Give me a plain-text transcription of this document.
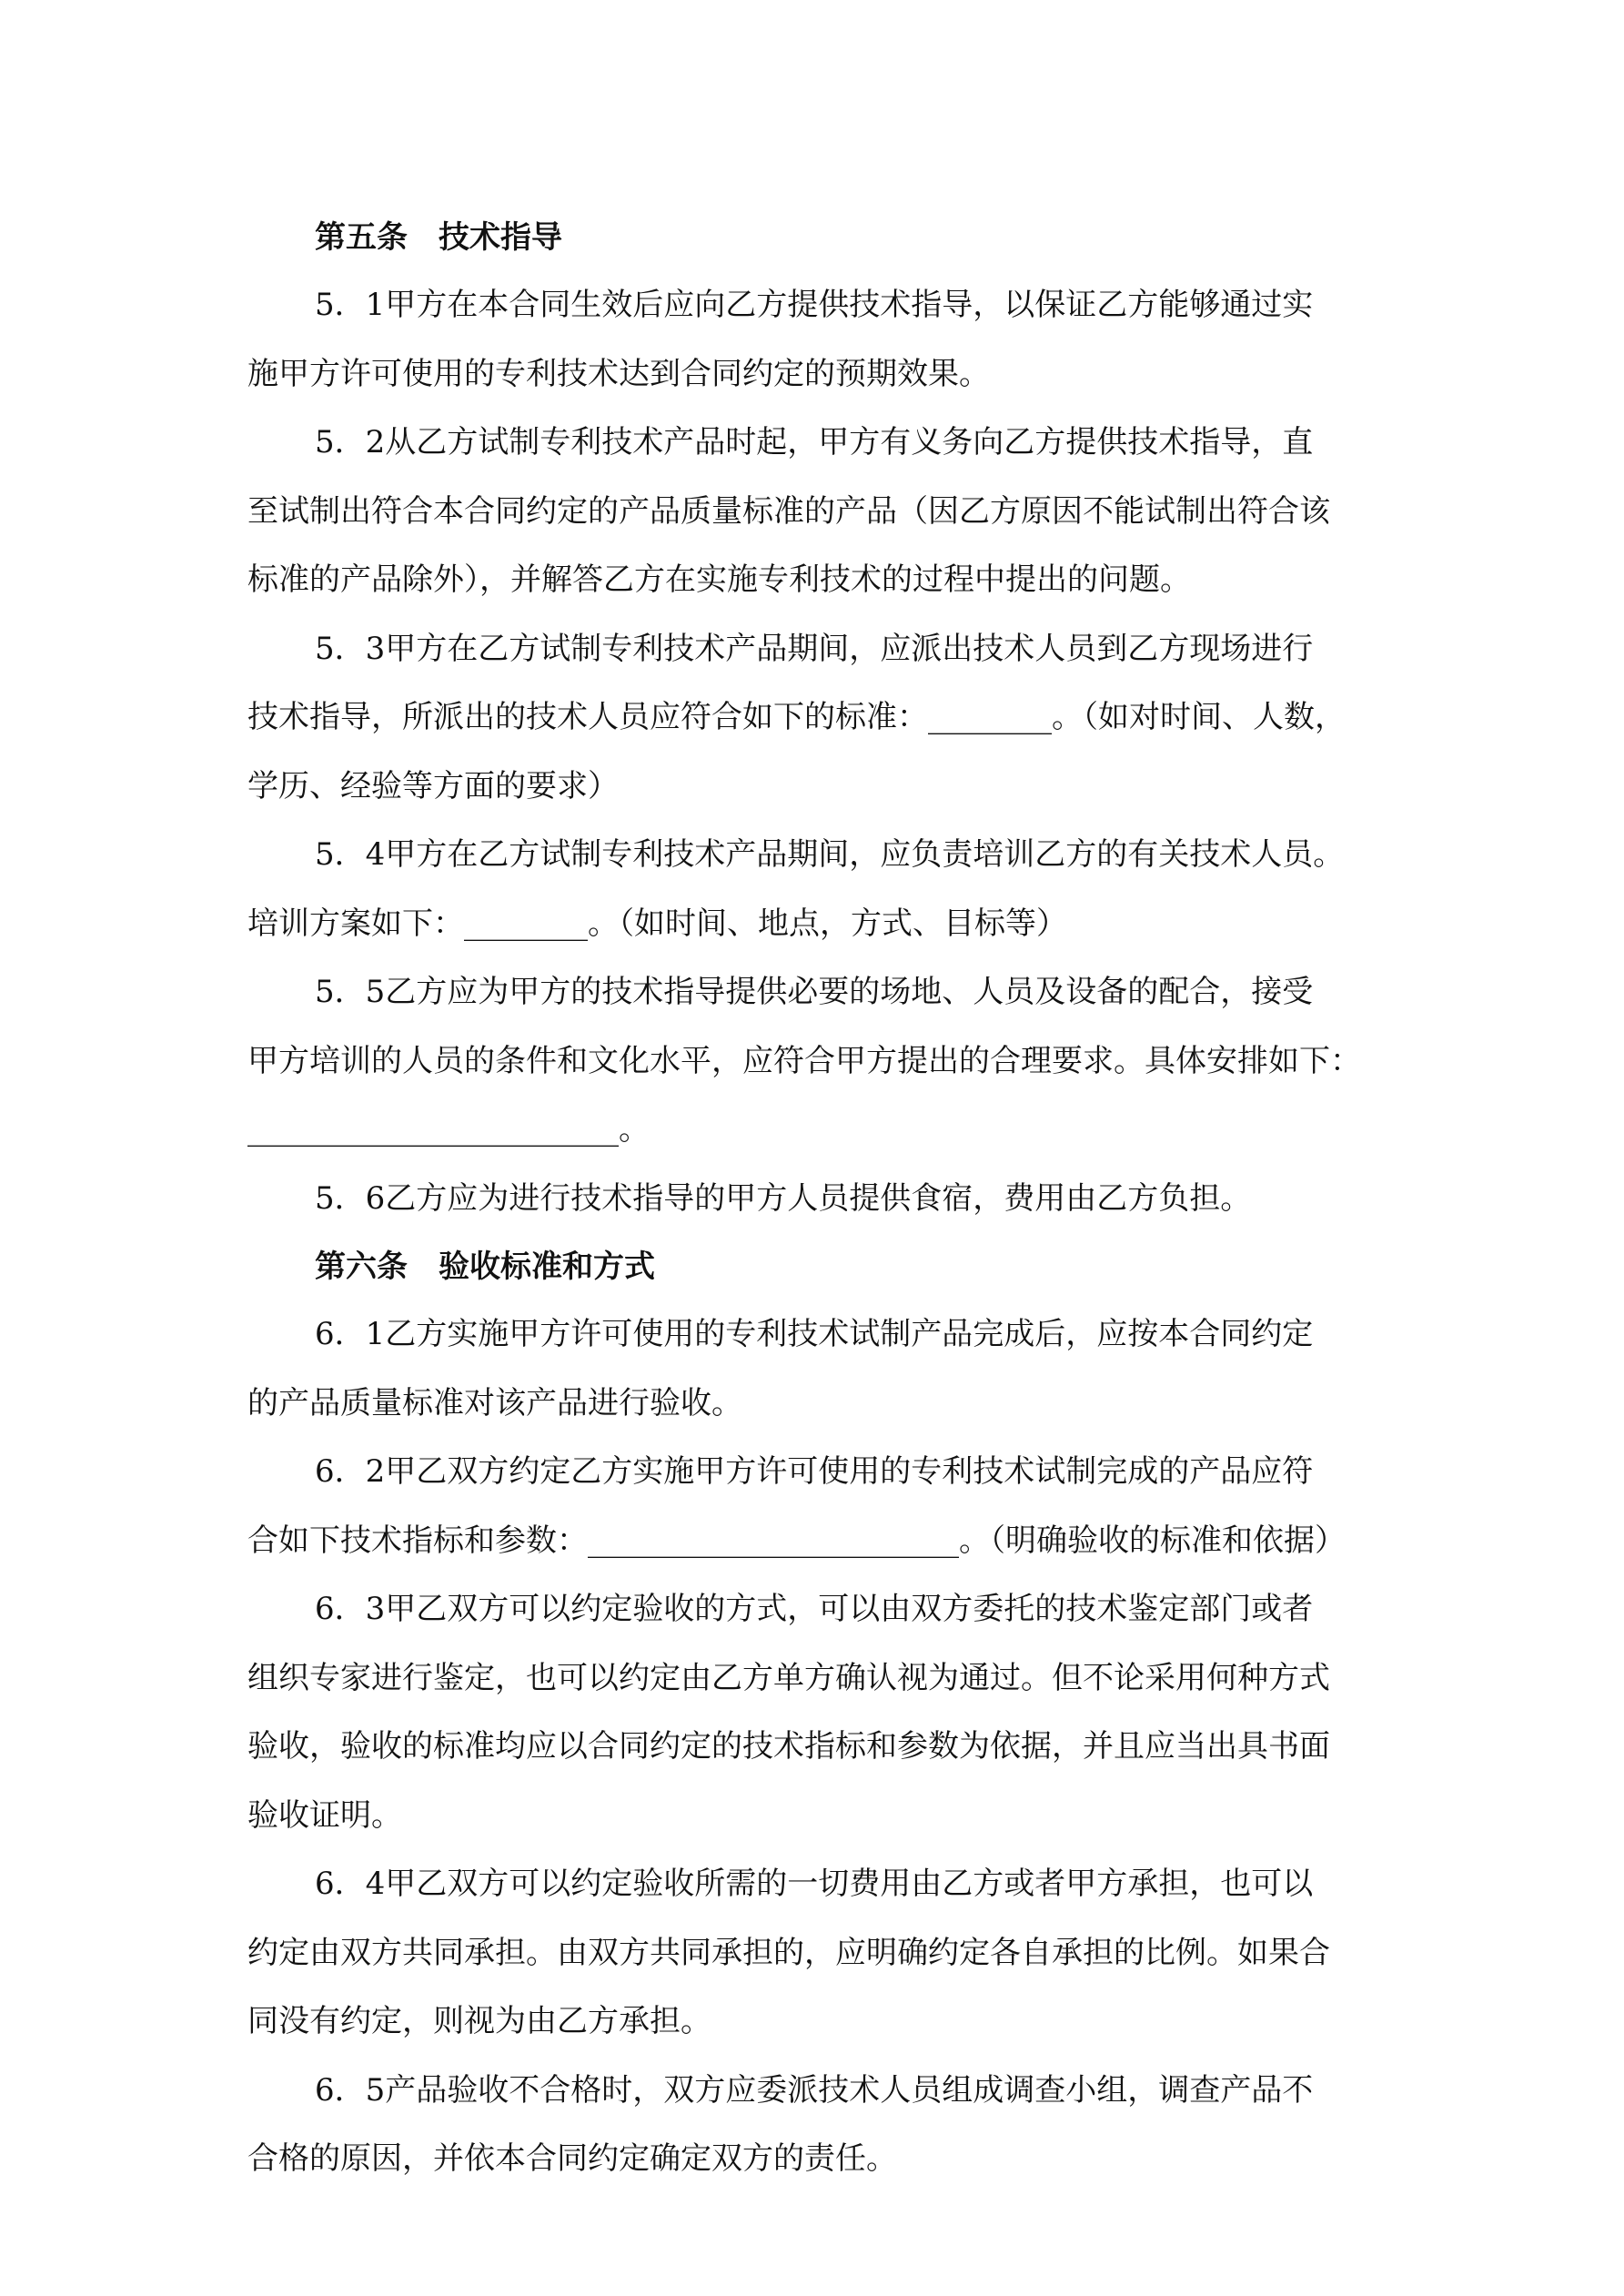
第五条　技术指导

5．1甲方在本合同生效后应向乙方提供技术指导，以保证乙方能够通过实
施甲方许可使用的专利技术达到合同约定的预期效果。

5．2从乙方试制专利技术产品时起，甲方有义务向乙方提供技术指导，直
至试制出符合本合同约定的产品质量标准的产品（因乙方原因不能试制出符合该
标准的产品除外），并解答乙方在实施专利技术的过程中提出的问题。

5．3甲方在乙方试制专利技术产品期间，应派出技术人员到乙方现场进行
技术指导，所派出的技术人员应符合如下的标准：________。（如对时间、人数，
学历、经验等方面的要求）

5．4甲方在乙方试制专利技术产品期间，应负责培训乙方的有关技术人员。
培训方案如下：________。（如时间、地点，方式、目标等）

5．5乙方应为甲方的技术指导提供必要的场地、人员及设备的配合，接受
甲方培训的人员的条件和文化水平，应符合甲方提出的合理要求。具体安排如下：
________________________。

5．6乙方应为进行技术指导的甲方人员提供食宿，费用由乙方负担。

第六条　验收标准和方式

6．1乙方实施甲方许可使用的专利技术试制产品完成后，应按本合同约定
的产品质量标准对该产品进行验收。

6．2甲乙双方约定乙方实施甲方许可使用的专利技术试制完成的产品应符
合如下技术指标和参数：________________________。（明确验收的标准和依据）

6．3甲乙双方可以约定验收的方式，可以由双方委托的技术鉴定部门或者
组织专家进行鉴定，也可以约定由乙方单方确认视为通过。但不论采用何种方式
验收，验收的标准均应以合同约定的技术指标和参数为依据，并且应当出具书面
验收证明。

6．4甲乙双方可以约定验收所需的一切费用由乙方或者甲方承担，也可以
约定由双方共同承担。由双方共同承担的，应明确约定各自承担的比例。如果合
同没有约定，则视为由乙方承担。

6．5产品验收不合格时，双方应委派技术人员组成调查小组，调查产品不
合格的原因，并依本合同约定确定双方的责任。
